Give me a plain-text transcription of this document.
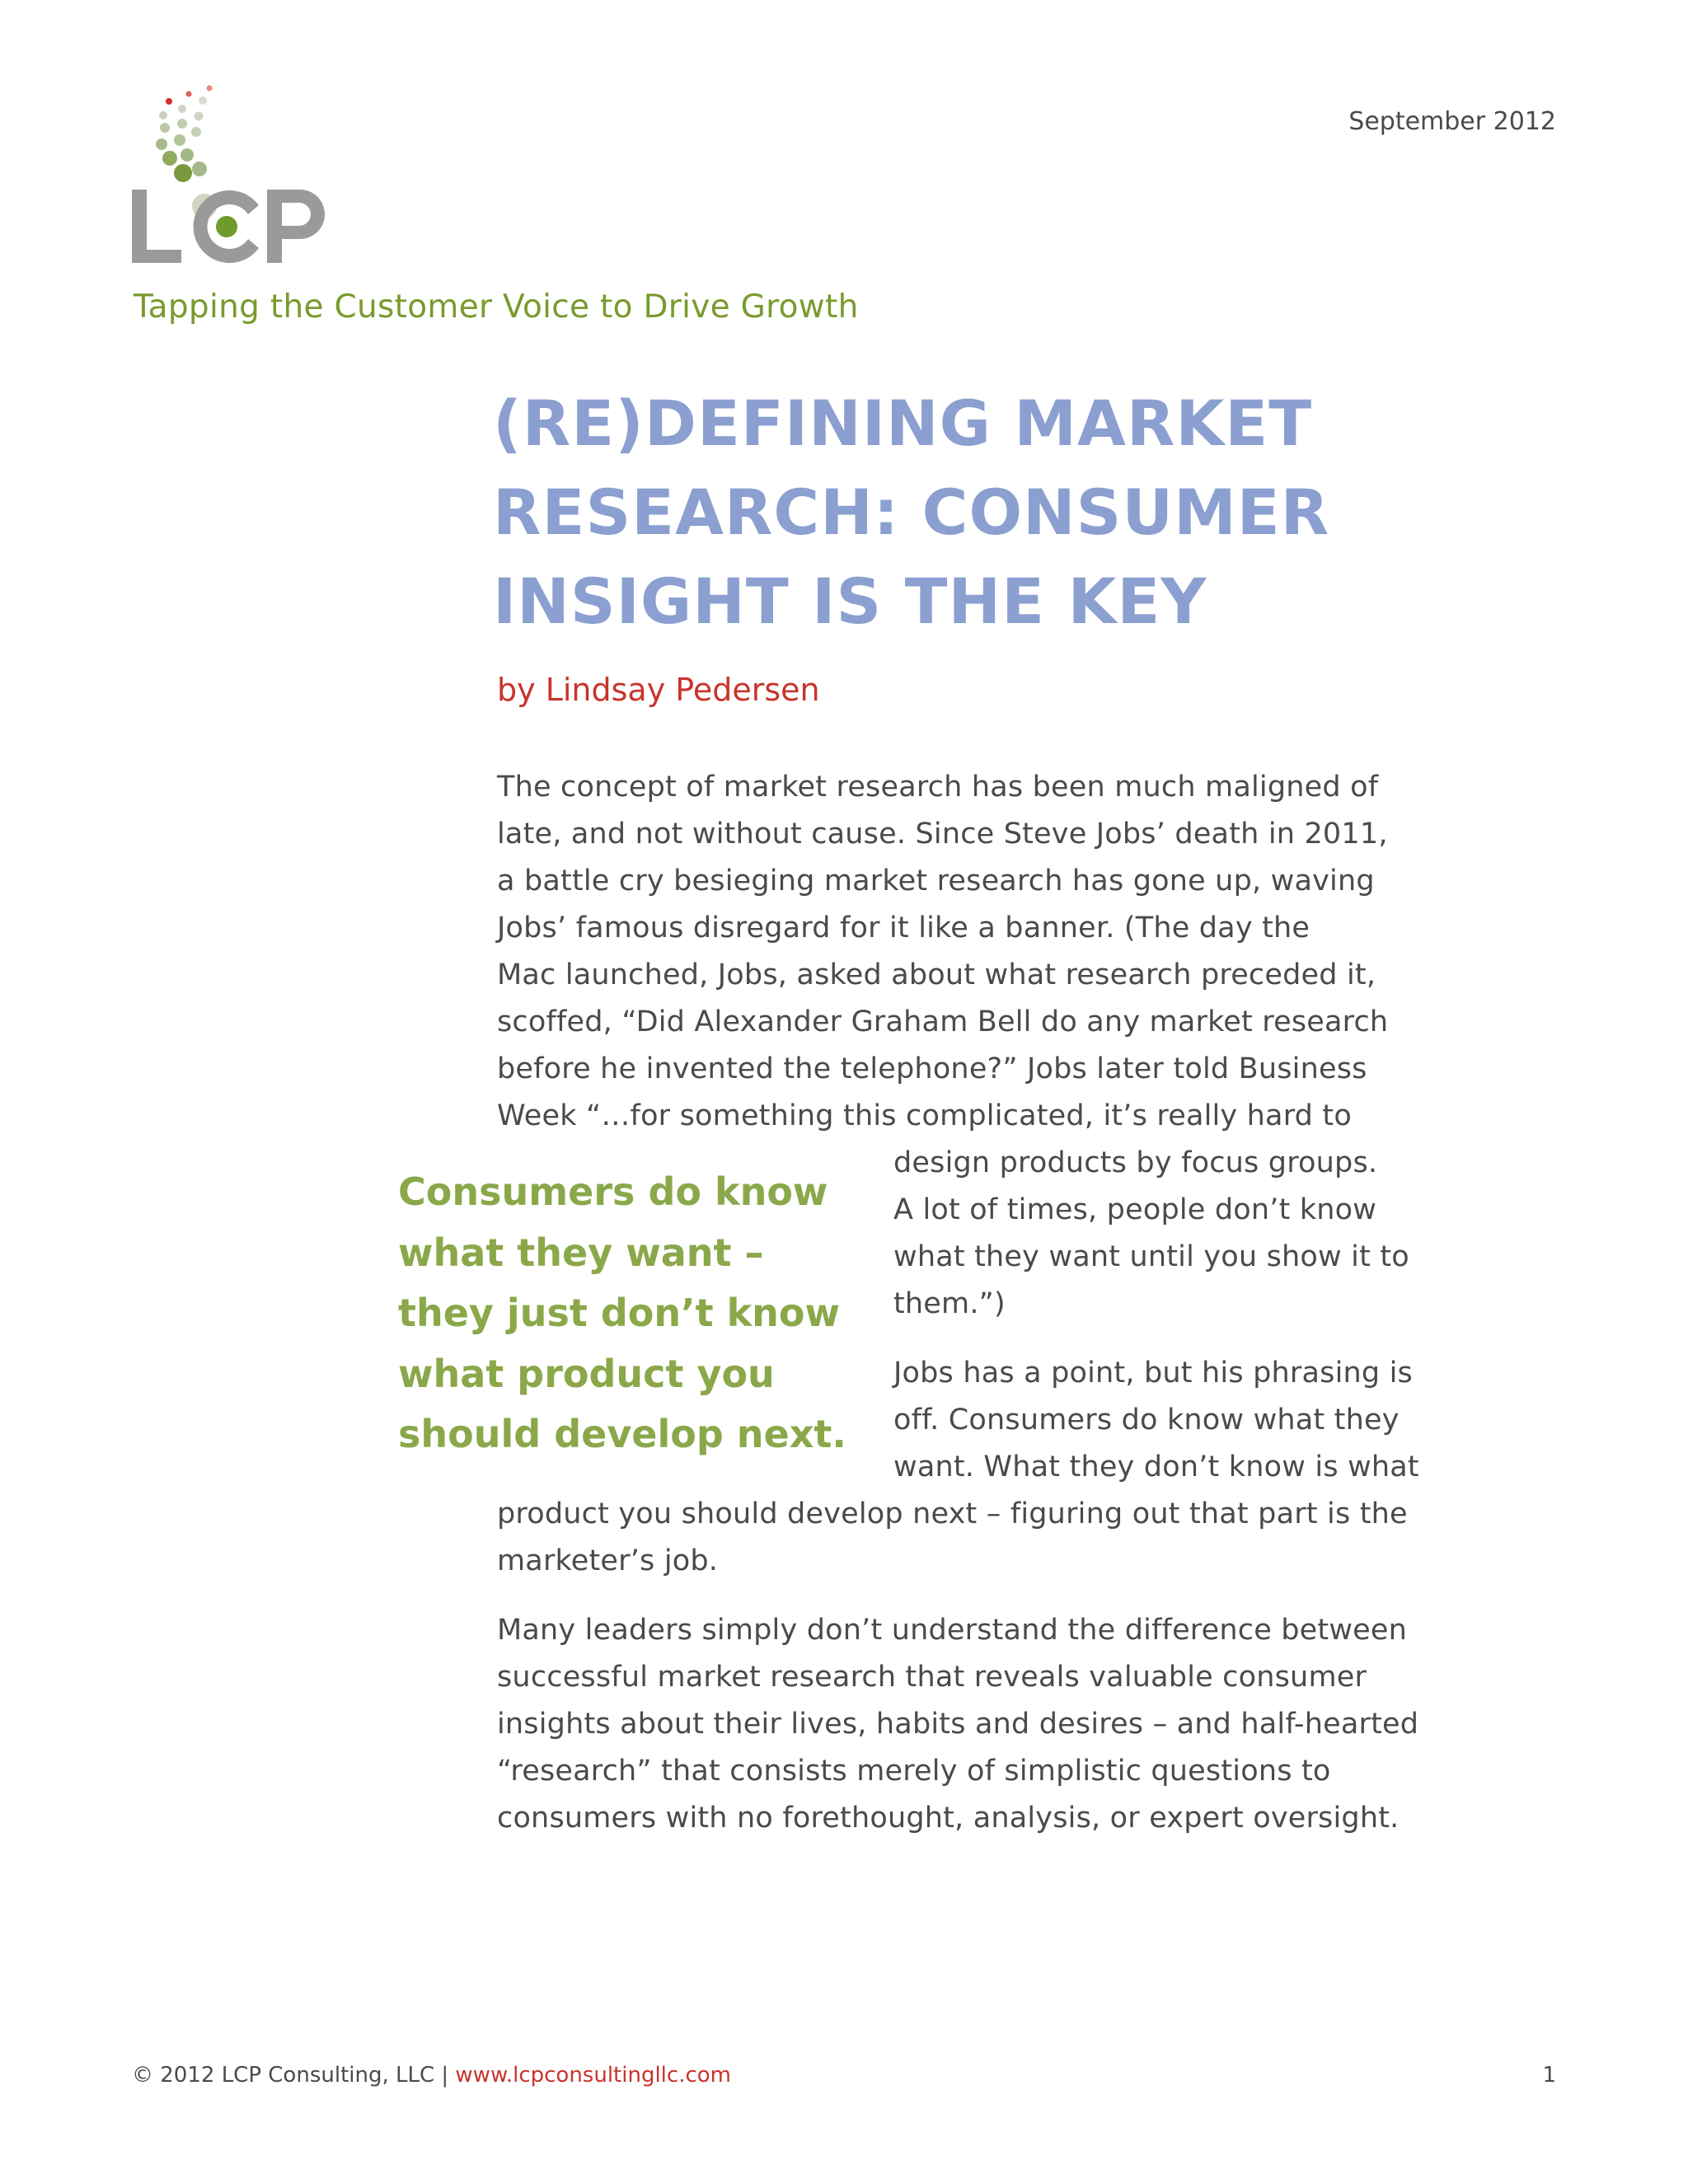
Tapping the Customer Voice to Drive Growth
September 2012
(RE)DEFINING MARKET
RESEARCH: CONSUMER
INSIGHT IS THE KEY
by Lindsay Pedersen
The concept of market research has been much maligned of
late, and not without cause. Since Steve Jobs’ death in 2011,
a battle cry besieging market research has gone up, waving
Jobs’ famous disregard for it like a banner. (The day the
Mac launched, Jobs, asked about what research preceded it,
scoffed, “Did Alexander Graham Bell do any market research
before he invented the telephone?” Jobs later told Business
Week “…for something this complicated, it’s really hard to
design products by focus groups.
A lot of times, people don’t know
what they want until you show it to
them.”)
Consumers do know
what they want –
they just don’t know
what product you
should develop next.
Jobs has a point, but his phrasing is
off. Consumers do know what they
want. What they don’t know is what
product you should develop next – figuring out that part is the
marketer’s job.
Many leaders simply don’t understand the difference between
successful market research that reveals valuable consumer
insights about their lives, habits and desires – and half-hearted
“research” that consists merely of simplistic questions to
consumers with no forethought, analysis, or expert oversight.
© 2012 LCP Consulting, LLC | www.lcpconsultingllc.com	1
